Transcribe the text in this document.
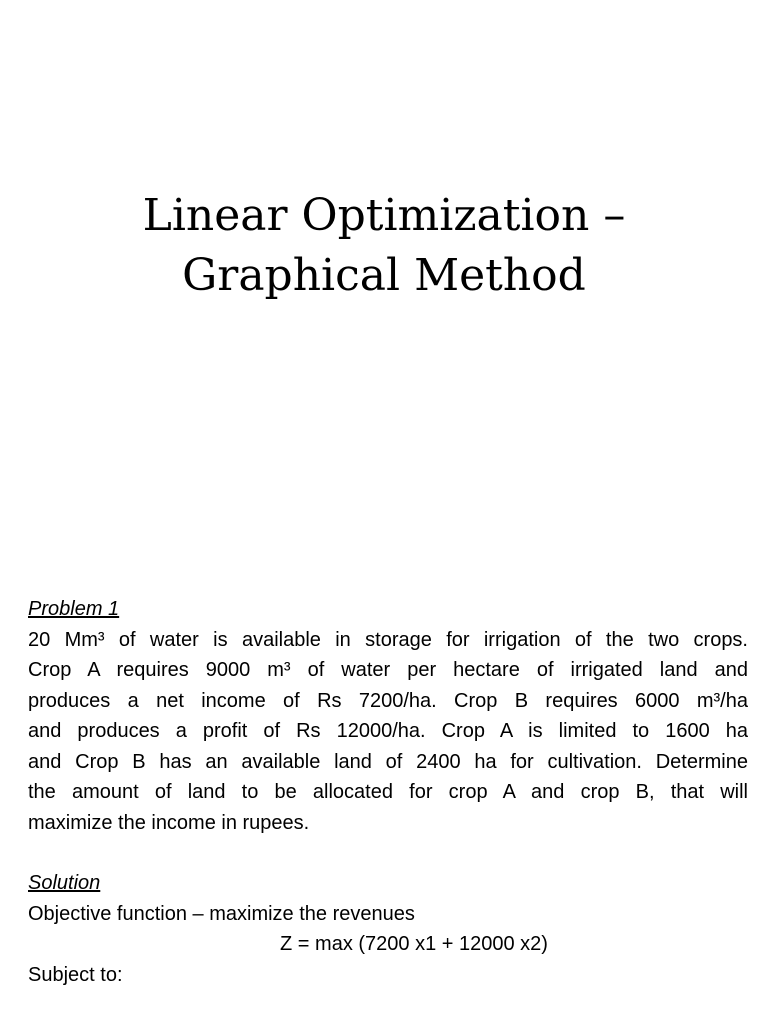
Linear Optimization –
Graphical Method
Problem 1
20 Mm³ of water is available in storage for irrigation of the two crops.
Crop A requires 9000 m³ of water per hectare of irrigated land and
produces a net income of Rs 7200/ha. Crop B requires 6000 m³/ha
and produces a profit of Rs 12000/ha. Crop A is limited to 1600 ha
and Crop B has an available land of 2400 ha for cultivation. Determine
the amount of land to be allocated for crop A and crop B, that will
maximize the income in rupees.
Solution
Objective function – maximize the revenues
Z = max (7200 x1 + 12000 x2)
Subject to:
